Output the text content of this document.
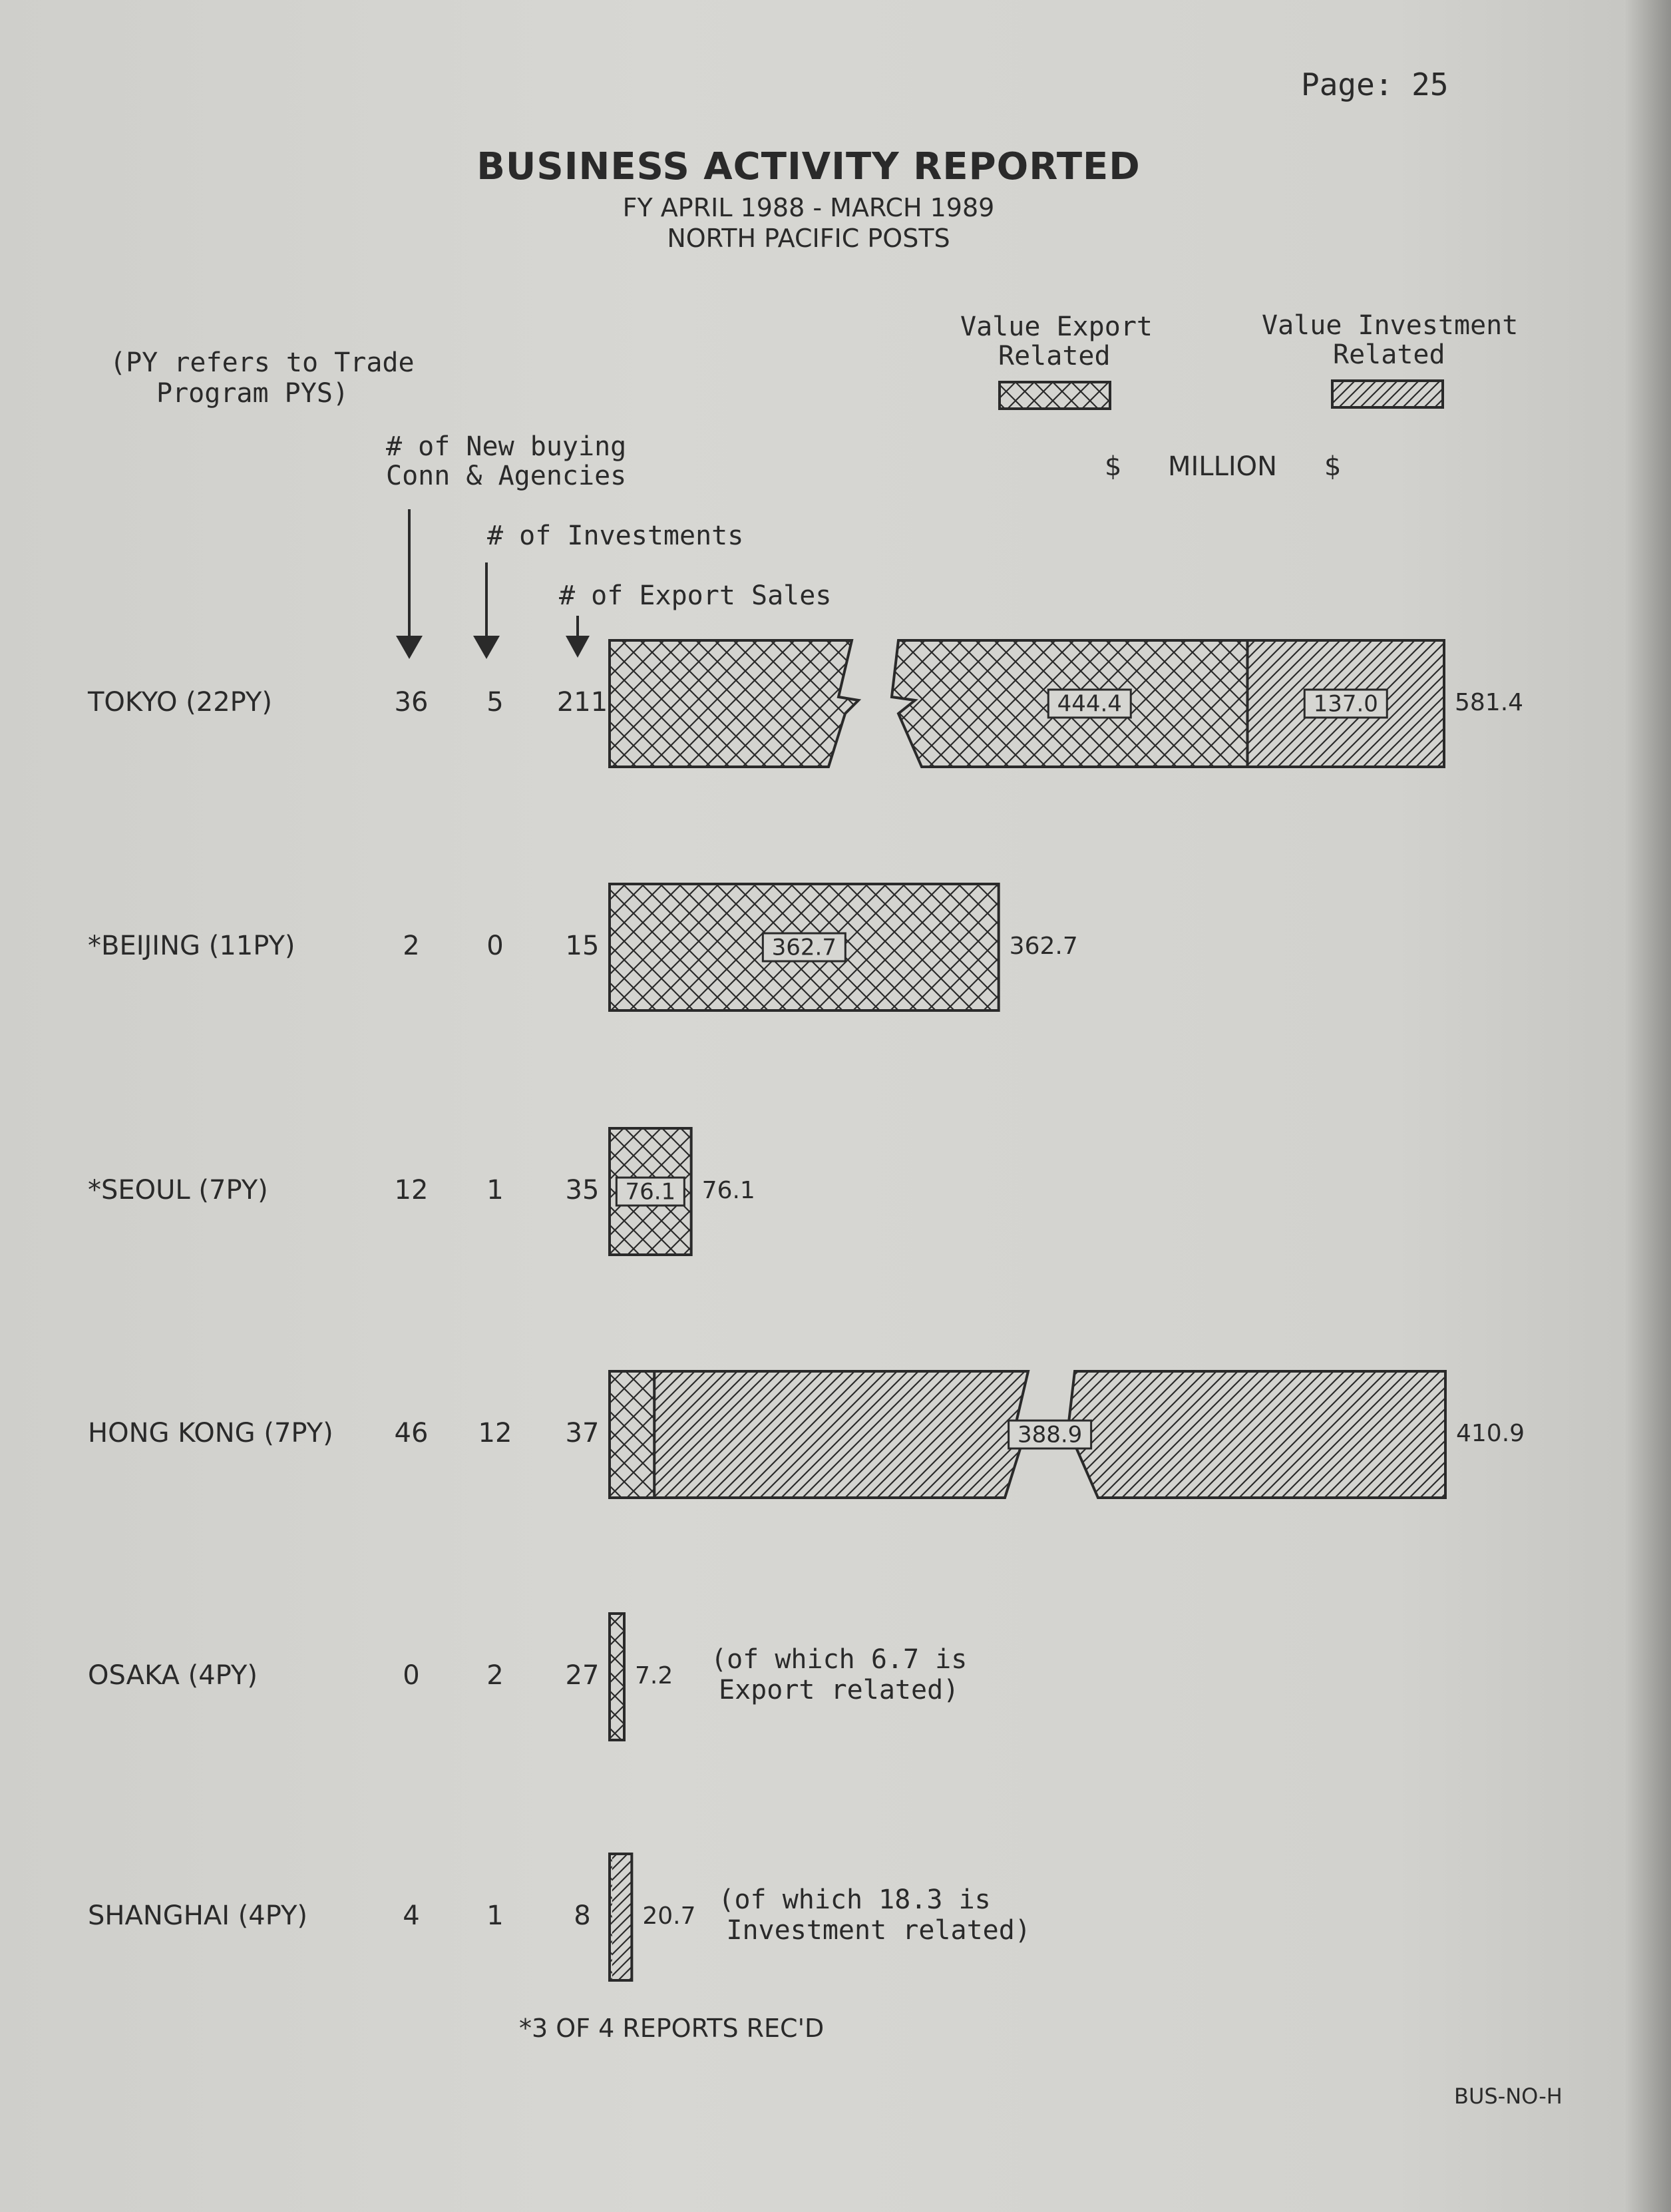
Page: 25
BUSINESS ACTIVITY REPORTED
FY APRIL 1988 - MARCH 1989
NORTH PACIFIC POSTS
(PY refers to Trade
Program PYS)
Value Export
Related
Value Investment
Related
$ MILLION $
# of New buying
Conn & Agencies
# of Investments
# of Export Sales
*3 OF 4 REPORTS REC'D
BUS-NO-H
TOKYO (22PY)	36 5 211	444.4	137.0	581.4
*BEIJING (11PY)	2	0 15	362.7	362.7
*SEOUL (7PY)	12 1 35 76.1 76.1
HONG KONG (7PY) 46 12 37	388.9	410.9
OSAKA (4PY)	0	2 27 7.2
(of which 6.7 is
Export related)
SHANGHAI (4PY)	4	1	8 20.7
(of which 18.3 is
Investment related)
